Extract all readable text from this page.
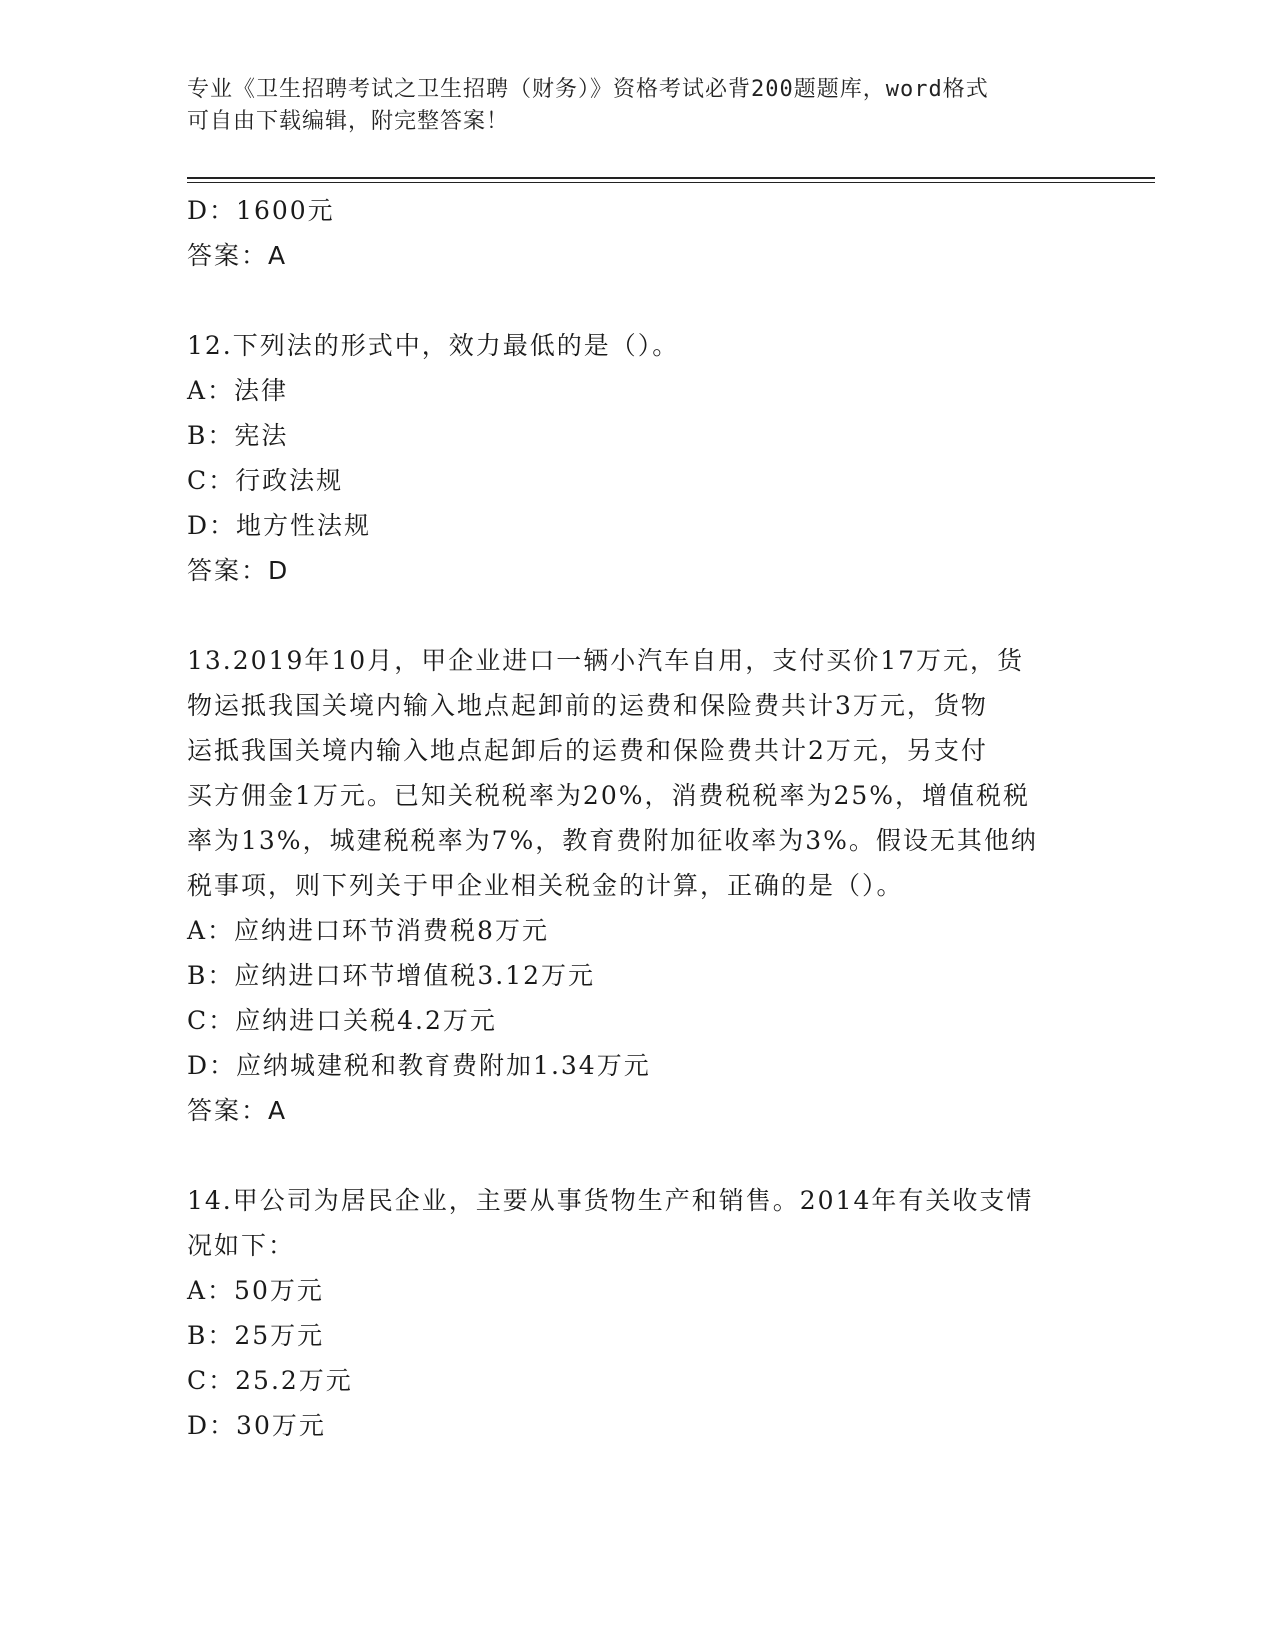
专业《卫生招聘考试之卫生招聘（财务）》资格考试必背200题题库，word格式
可自由下载编辑，附完整答案！
D：1600元
答案：A
12.下列法的形式中，效力最低的是（）。
A：法律
B：宪法
C：行政法规
D：地方性法规
答案：D
13.2019年10月，甲企业进口一辆小汽车自用，支付买价17万元，货
物运抵我国关境内输入地点起卸前的运费和保险费共计3万元，货物
运抵我国关境内输入地点起卸后的运费和保险费共计2万元，另支付
买方佣金1万元。已知关税税率为20%，消费税税率为25%，增值税税
率为13%，城建税税率为7%，教育费附加征收率为3%。假设无其他纳
税事项，则下列关于甲企业相关税金的计算，正确的是（）。
A：应纳进口环节消费税8万元
B：应纳进口环节增值税3.12万元
C：应纳进口关税4.2万元
D：应纳城建税和教育费附加1.34万元
答案：A
14.甲公司为居民企业，主要从事货物生产和销售。2014年有关收支情
况如下：
A：50万元
B：25万元
C：25.2万元
D：30万元
